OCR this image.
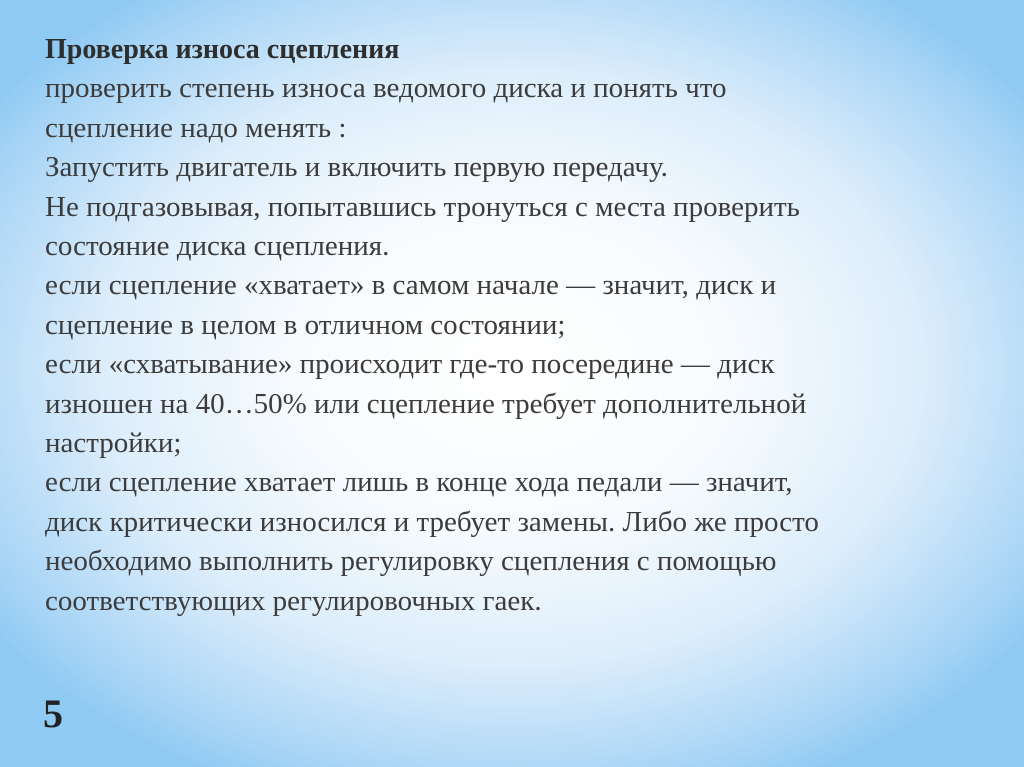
Проверка износа сцепления
проверить степень износа ведомого диска и понять что
сцепление надо менять :
Запустить двигатель и включить первую передачу.
Не подгазовывая, попытавшись тронуться с места проверить
состояние диска сцепления.
если сцепление «хватает» в самом начале — значит, диск и
сцепление в целом в отличном состоянии;
если «схватывание» происходит где-то посередине — диск
изношен на 40…50% или сцепление требует дополнительной
настройки;
если сцепление хватает лишь в конце хода педали — значит,
диск критически износился и требует замены. Либо же просто
необходимо выполнить регулировку сцепления с помощью
соответствующих регулировочных гаек.
5
